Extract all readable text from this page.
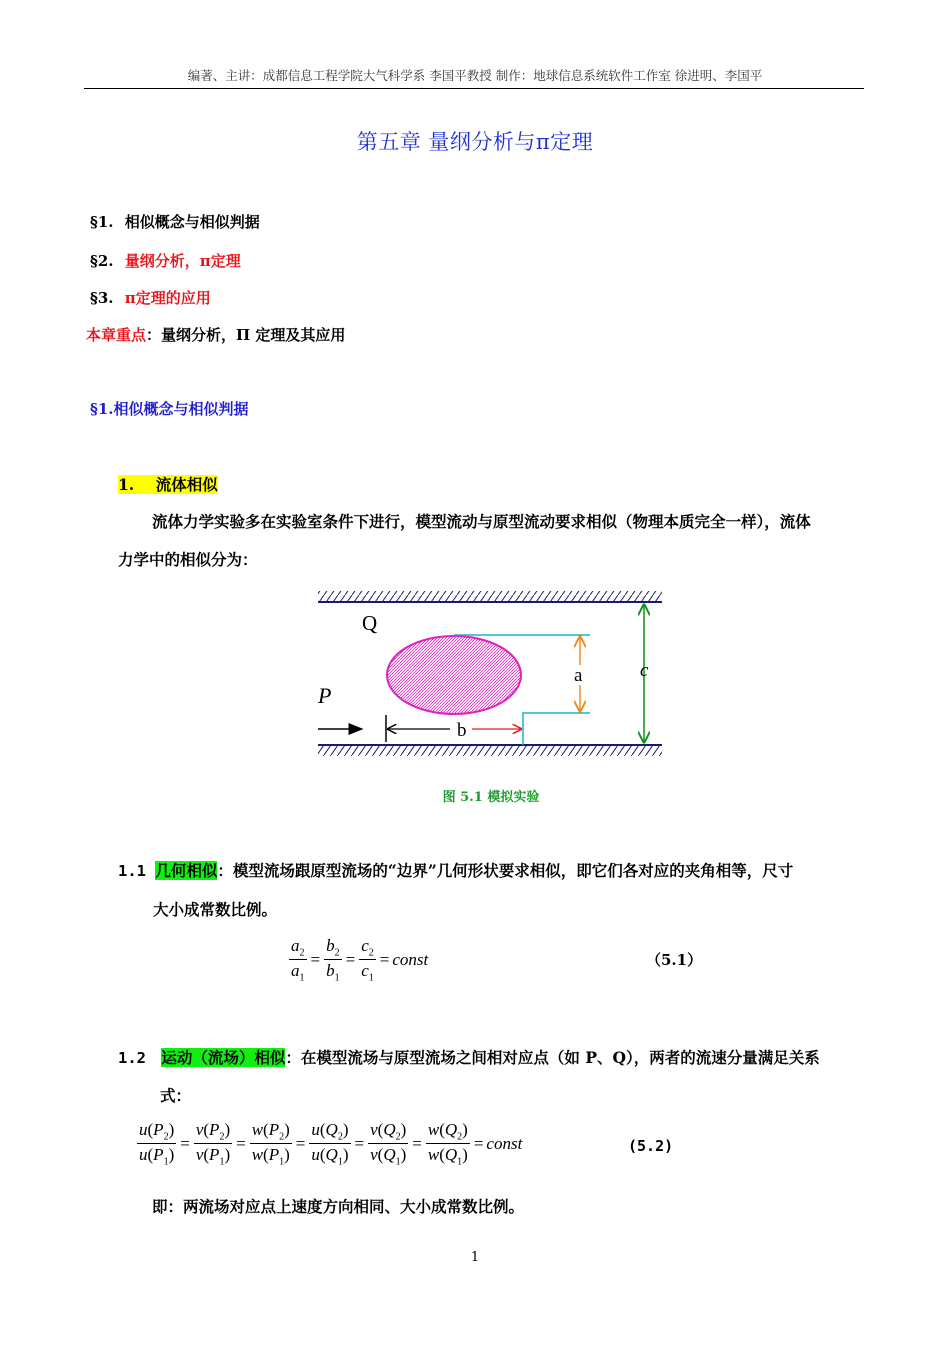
编著、主讲：成都信息工程学院大气科学系 李国平教授 制作：地球信息系统软件工作室 徐进明、李国平
第五章 量纲分析与π定理
§1. 相似概念与相似判据
§2. 量纲分析，π定理
§3. π定理的应用
本章重点：量纲分析，Π 定理及其应用
§1.相似概念与相似判据
1. 流体相似
流体力学实验多在实验室条件下进行，模型流动与原型流动要求相似（物理本质完全一样），流体
力学中的相似分为：
Q
P
a
b
c
图 5.1 模拟实验
1.1 几何相似：模型流场跟原型流场的“边界”几何形状要求相似，即它们各对应的夹角相等，尺寸
大小成常数比例。
$\frac{a_2}{a_1} = \frac{b_2}{b_1} = \frac{c_2}{c_1}$ = const	（5.1）
1.2 运动（流场）相似：在模型流场与原型流场之间相对应点（如 P、Q），两者的流速分量满足关系
式：
$\frac{u(P_2)}{u(P_1)} = \frac{v(P_2)}{v(P_1)} = \frac{w(P_2)}{w(P_1)} = \frac{u(Q_2)}{u(Q_1)} = \frac{v(Q_2)}{v(Q_1)} = \frac{w(Q_2)}{w(Q_1)}$ = const	(5.2)
即：两流场对应点上速度方向相同、大小成常数比例。
1
